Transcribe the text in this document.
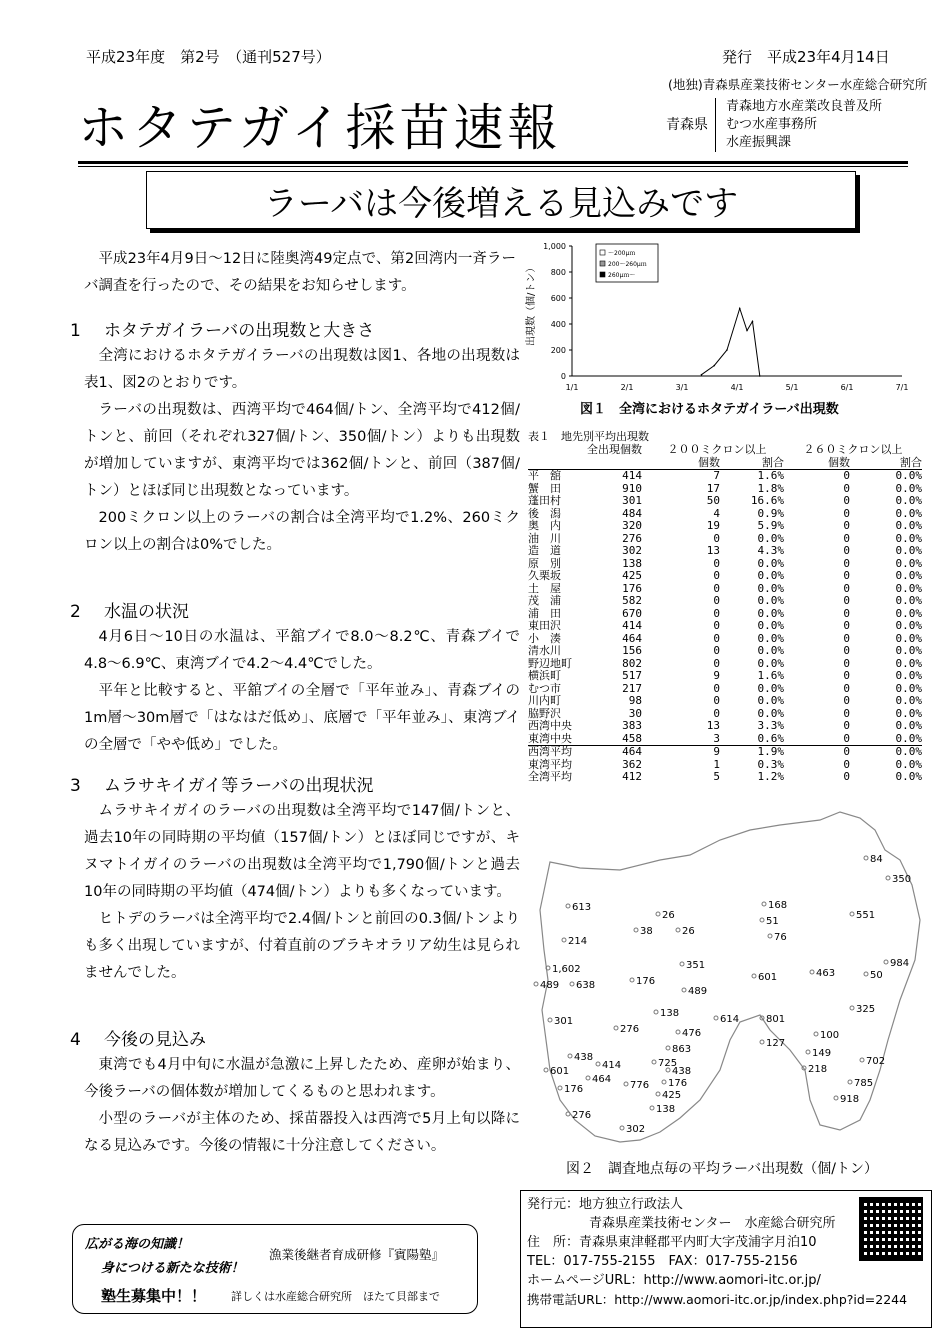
平成23年度　第2号　（通刊527号）	発行　平成23年4月14日
(地独)青森県産業技術センター水産総合研究所
ホタテガイ採苗速報	青森県
青森地方水産業改良普及所
むつ水産事務所
水産振興課
ラーバは今後増える見込みです
平成23年4月9日～12日に陸奥湾49定点で、第2回湾内一斉ラーバ調査を行ったので、その結果をお知らせします。
1 ホタテガイラーバの出現数と大きさ
全湾におけるホタテガイラーバの出現数は図1、各地の出現数は表1、図2のとおりです。
ラーバの出現数は、西湾平均で464個/トン、全湾平均で412個/トンと、前回（それぞれ327個/トン、350個/トン）よりも出現数が増加していますが、東湾平均では362個/トンと、前回（387個/トン）とほぼ同じ出現数となっています。
200ミクロン以上のラーバの割合は全湾平均で1.2%、260ミクロン以上の割合は0%でした。
2 水温の状況
4月6日～10日の水温は、平舘ブイで8.0～8.2℃、青森ブイで4.8～6.9℃、東湾ブイで4.2～4.4℃でした。
平年と比較すると、平舘ブイの全層で「平年並み」、青森ブイの1m層～30m層で「はなはだ低め」、底層で「平年並み」、東湾ブイの全層で「やや低め」でした。
3 ムラサキイガイ等ラーバの出現状況
ムラサキイガイのラーバの出現数は全湾平均で147個/トンと、過去10年の同時期の平均値（157個/トン）とほぼ同じですが、キヌマトイガイのラーバの出現数は全湾平均で1,790個/トンと過去10年の同時期の平均値（474個/トン）よりも多くなっています。
ヒトデのラーバは全湾平均で2.4個/トンと前回の0.3個/トンよりも多く出現していますが、付着直前のブラキオラリア幼生は見られませんでした。
4 今後の見込み
東湾でも4月中旬に水温が急激に上昇したため、産卵が始まり、今後ラーバの個体数が増加してくるものと思われます。
小型のラーバが主体のため、採苗器投入は西湾で5月上旬以降になる見込みです。今後の情報に十分注意してください。
1,000
800
600
400
200
0
1/1	2/1	3/1	4/1	5/1	6/1	7/1
～200μｍ
200～260μｍ
260μｍ～
出現数（個/トン）
図１　全湾におけるホタテガイラーバ出現数
表１　地先別平均出現数
	全出現個数	２００ミクロン以上		２６０ミクロン以上	
		個数	割合	個数	割合
平　舘	414	7	1.6%	0	0.0%
蟹　田	910	17	1.8%	0	0.0%
蓬田村	301	50	16.6%	0	0.0%
後　潟	484	4	0.9%	0	0.0%
奥　内	320	19	5.9%	0	0.0%
油　川	276	0	0.0%	0	0.0%
造　道	302	13	4.3%	0	0.0%
原　別	138	0	0.0%	0	0.0%
久栗坂	425	0	0.0%	0	0.0%
土　屋	176	0	0.0%	0	0.0%
茂　浦	582	0	0.0%	0	0.0%
浦　田	670	0	0.0%	0	0.0%
東田沢	414	0	0.0%	0	0.0%
小　湊	464	0	0.0%	0	0.0%
清水川	156	0	0.0%	0	0.0%
野辺地町	802	0	0.0%	0	0.0%
横浜町	517	9	1.6%	0	0.0%
むつ市	217	0	0.0%	0	0.0%
川内町	98	0	0.0%	0	0.0%
脇野沢	30	0	0.0%	0	0.0%
西湾中央	383	13	3.3%	0	0.0%
東湾中央	458	3	0.6%	0	0.0%
西湾平均	464	9	1.9%	0	0.0%
東湾平均	362	1	0.3%	0	0.0%
全湾平均	412	5	1.2%	0	0.0%
84
350
168
551
613
26
51
38	26
76
214
984
351
601	463	50
1,602
176
489 638
489
325
138
614	801
301
476	100
276
127
863	149
702
438
218
725
414
438
601
176
464
776	785
425	918
176
138
276
302
図２　調査地点毎の平均ラーバ出現数（個/トン）
発行元：地方独立行政法人
青森県産業技術センター　水産総合研究所
住　所：青森県東津軽郡平内町大字茂浦字月泊10
TEL：017-755-2155　FAX：017-755-2156
ホームページURL：http://www.aomori-itc.or.jp/
携帯電話URL：http://www.aomori-itc.or.jp/index.php?id=2244
広がる海の知識！
身につける新たな技術！
漁業後継者育成研修『賓陽塾』
塾生募集中！！ 詳しくは水産総合研究所　ほたて貝部まで
